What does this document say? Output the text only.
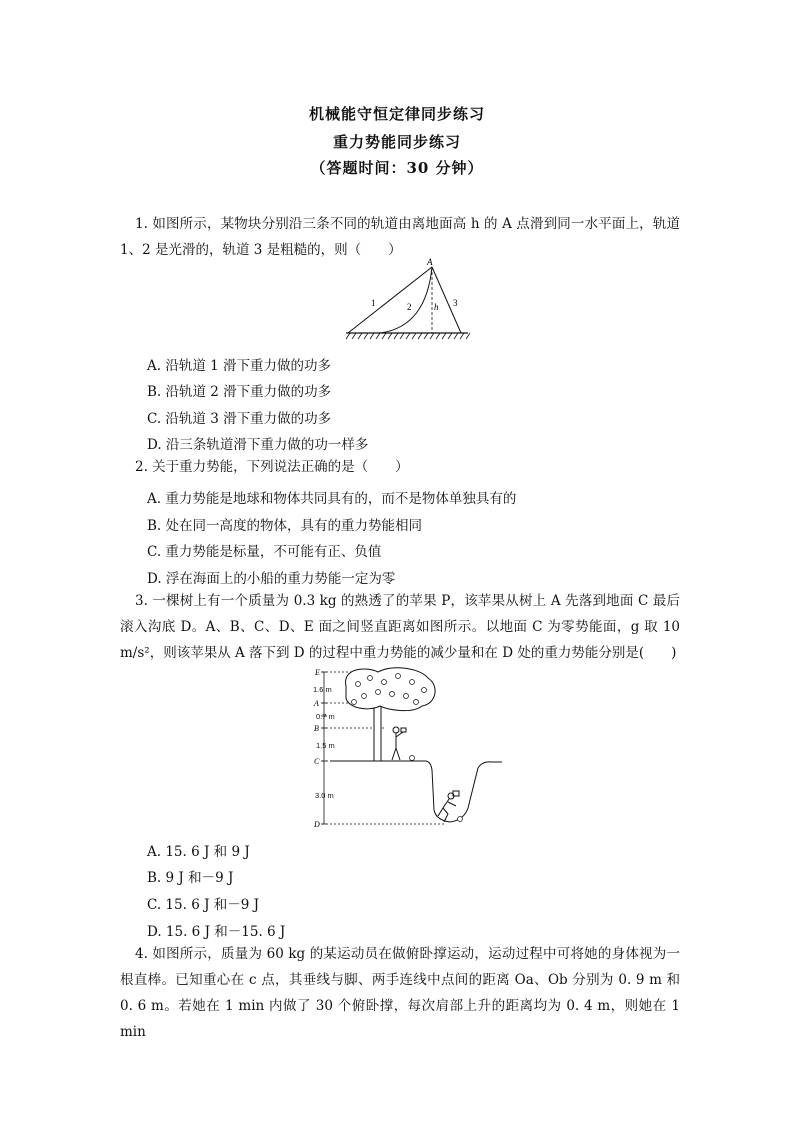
机械能守恒定律同步练习
重力势能同步练习
（答题时间：30 分钟）
1. 如图所示，某物块分别沿三条不同的轨道由离地面高 h 的 A 点滑到同一水平面上，轨道 1、2 是光滑的，轨道 3 是粗糙的，则（　　）
A
h
1	2	3
A. 沿轨道 1 滑下重力做的功多
B. 沿轨道 2 滑下重力做的功多
C. 沿轨道 3 滑下重力做的功多
D. 沿三条轨道滑下重力做的功一样多
2. 关于重力势能，下列说法正确的是（　　）
A. 重力势能是地球和物体共同具有的，而不是物体单独具有的
B. 处在同一高度的物体，具有的重力势能相同
C. 重力势能是标量，不可能有正、负值
D. 浮在海面上的小船的重力势能一定为零
3. 一棵树上有一个质量为 0.3 kg 的熟透了的苹果 P，该苹果从树上 A 先落到地面 C 最后滚入沟底 D。A、B、C、D、E 面之间竖直距离如图所示。以地面 C 为零势能面，g 取 10 m/s²，则该苹果从 A 落下到 D 的过程中重力势能的减少量和在 D 处的重力势能分别是(　　)
E
A
B
C
D
1.6 m
0.7 m
1.5 m
3.0 m
A. 15. 6 J 和 9 J
B. 9 J 和－9 J
C. 15. 6 J 和－9 J
D. 15. 6 J 和－15. 6 J
4. 如图所示，质量为 60 kg 的某运动员在做俯卧撑运动，运动过程中可将她的身体视为一根直棒。已知重心在 c 点，其垂线与脚、两手连线中点间的距离 Oa、Ob 分别为 0. 9 m 和 0. 6 m。若她在 1 min 内做了 30 个俯卧撑，每次肩部上升的距离均为 0. 4 m，则她在 1 min
